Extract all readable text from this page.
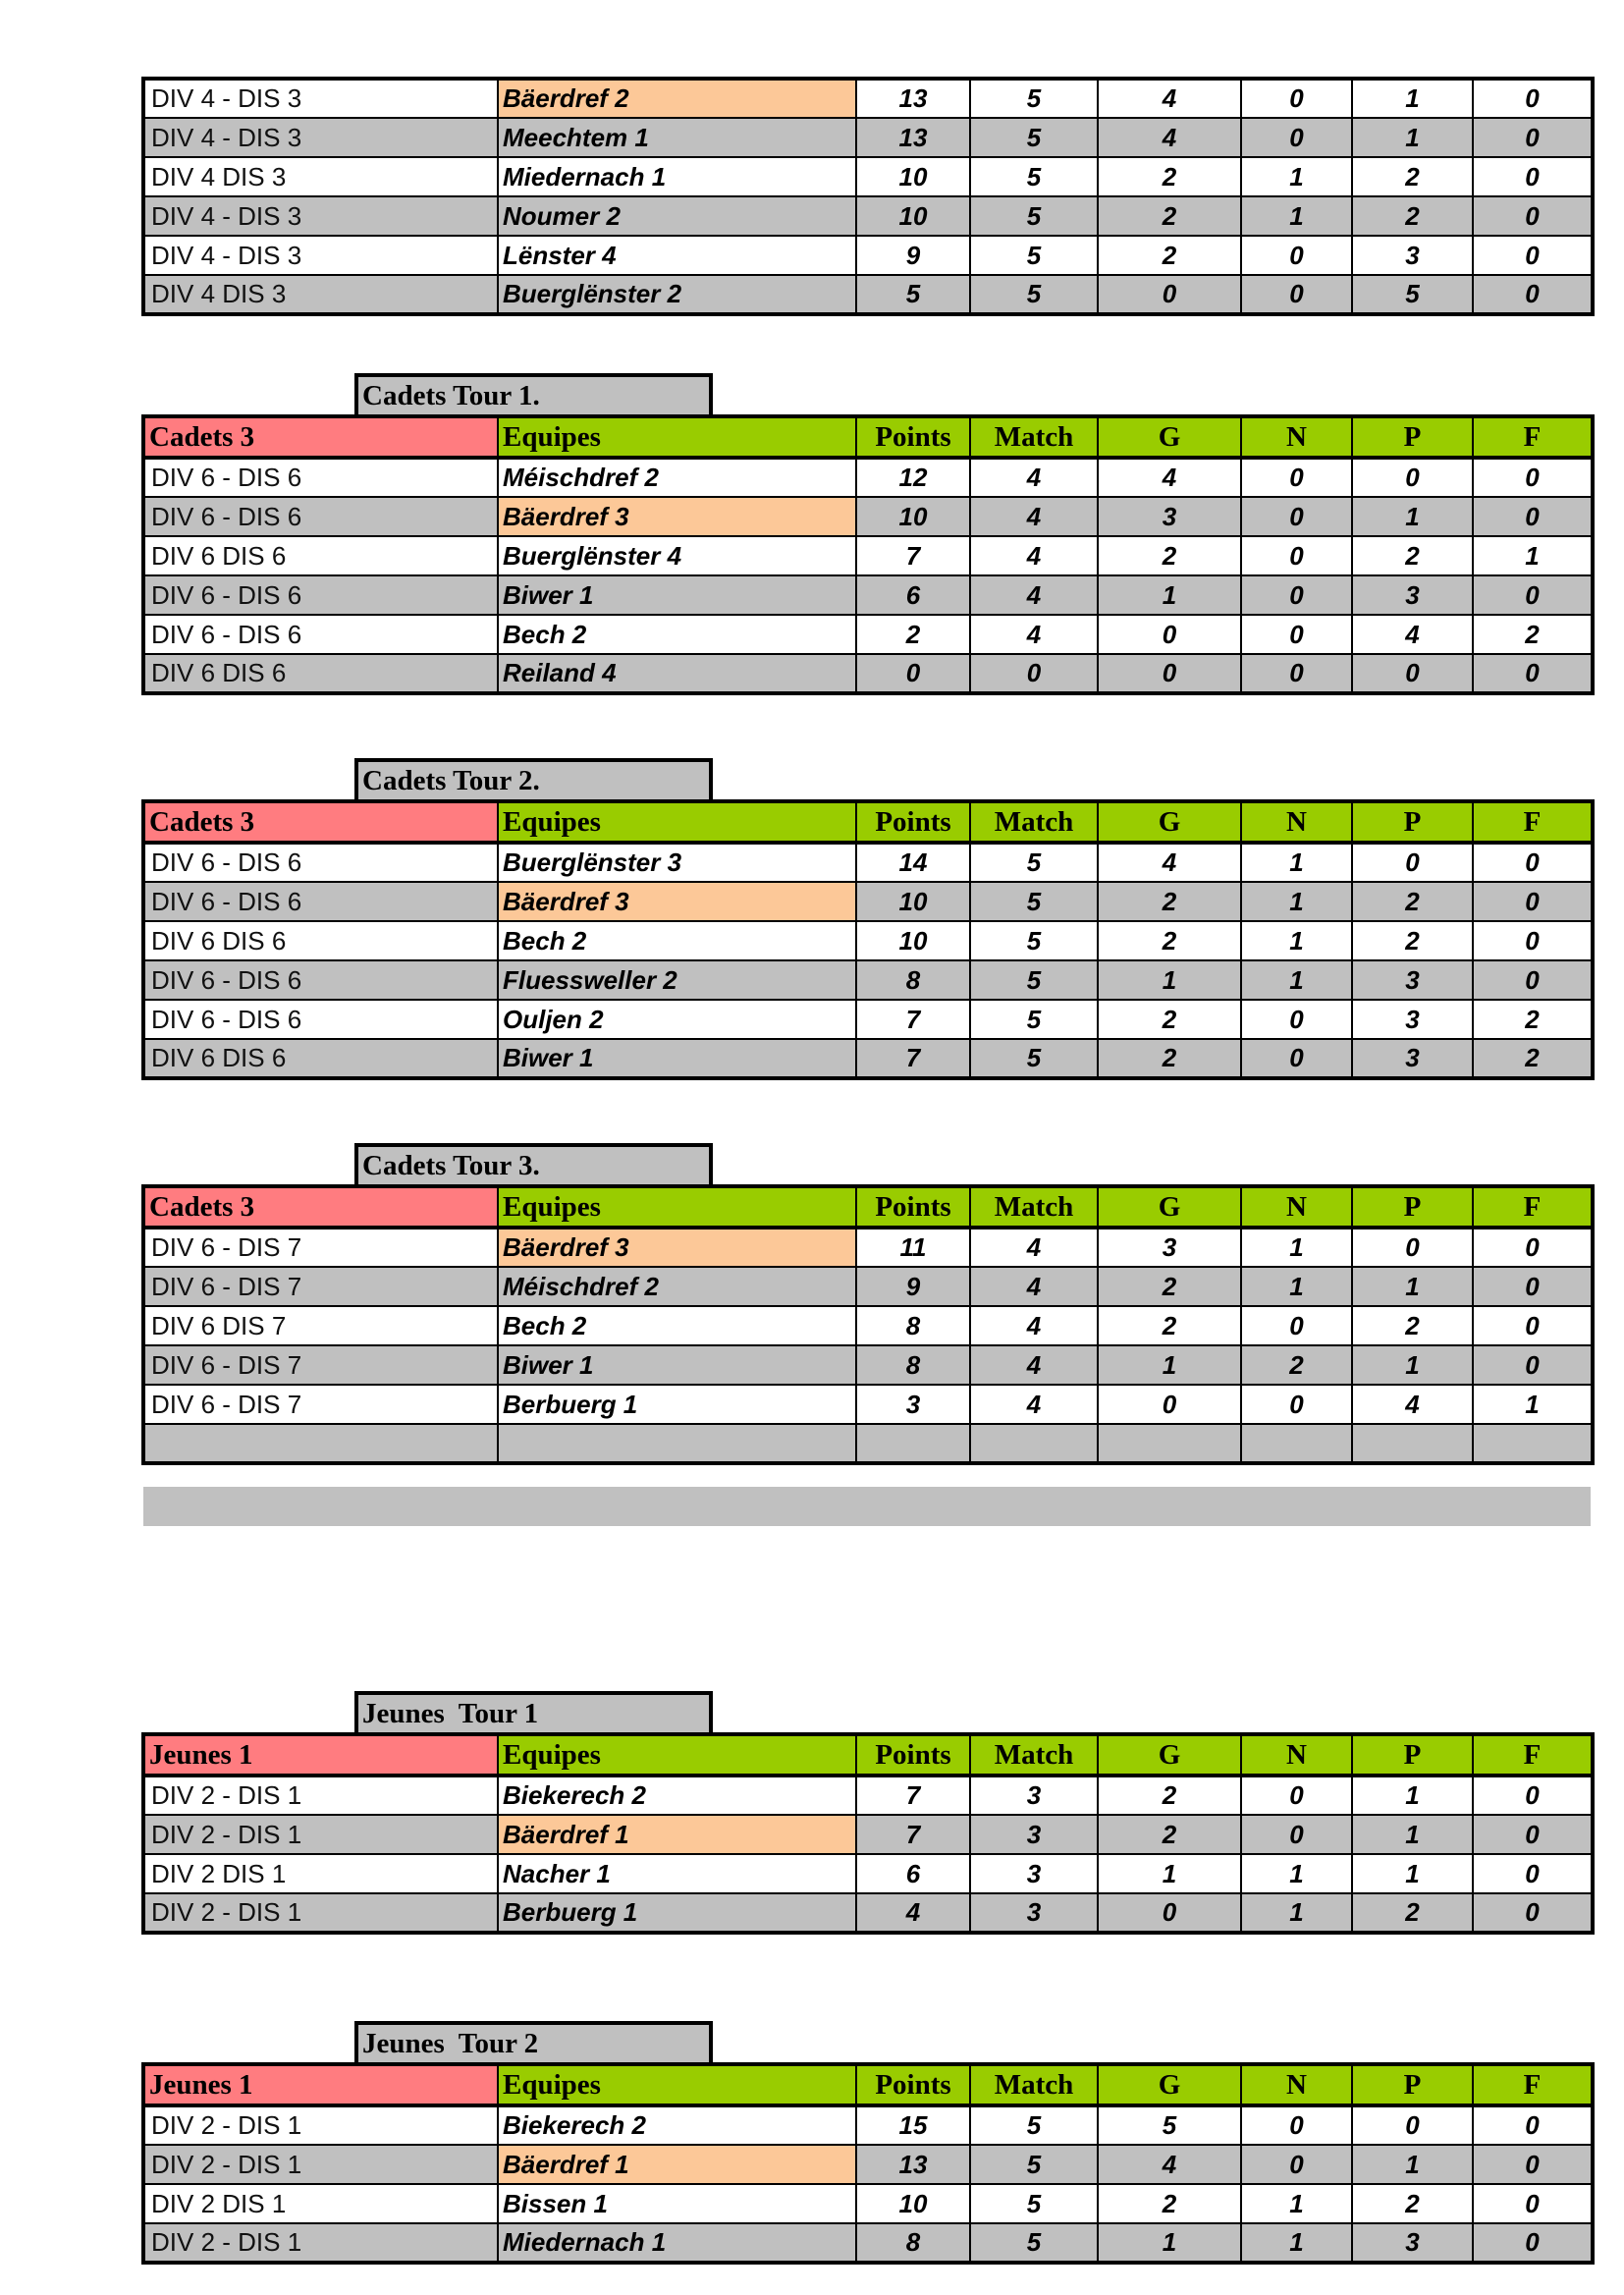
DIV 4 - DIS 3	Bäerdref 2	13	5	4	0	1	0
DIV 4 - DIS 3	Meechtem 1	13	5	4	0	1	0
DIV 4 DIS 3	Miedernach 1	10	5	2	1	2	0
DIV 4 - DIS 3	Noumer 2	10	5	2	1	2	0
DIV 4 - DIS 3	Lënster 4	9	5	2	0	3	0
DIV 4 DIS 3	Buerglënster 2	5	5	0	0	5	0
Cadets Tour 1.
Cadets 3	Equipes	Points	Match	G	N	P	F
DIV 6 - DIS 6	Méischdref 2	12	4	4	0	0	0
DIV 6 - DIS 6	Bäerdref 3	10	4	3	0	1	0
DIV 6 DIS 6	Buerglënster 4	7	4	2	0	2	1
DIV 6 - DIS 6	Biwer 1	6	4	1	0	3	0
DIV 6 - DIS 6	Bech 2	2	4	0	0	4	2
DIV 6 DIS 6	Reiland 4	0	0	0	0	0	0
Cadets Tour 2.
Cadets 3	Equipes	Points	Match	G	N	P	F
DIV 6 - DIS 6	Buerglënster 3	14	5	4	1	0	0
DIV 6 - DIS 6	Bäerdref 3	10	5	2	1	2	0
DIV 6 DIS 6	Bech 2	10	5	2	1	2	0
DIV 6 - DIS 6	Fluessweller 2	8	5	1	1	3	0
DIV 6 - DIS 6	Ouljen 2	7	5	2	0	3	2
DIV 6 DIS 6	Biwer 1	7	5	2	0	3	2
Cadets Tour 3.
Cadets 3	Equipes	Points	Match	G	N	P	F
DIV 6 - DIS 7	Bäerdref 3	11	4	3	1	0	0
DIV 6 - DIS 7	Méischdref 2	9	4	2	1	1	0
DIV 6 DIS 7	Bech 2	8	4	2	0	2	0
DIV 6 - DIS 7	Biwer 1	8	4	1	2	1	0
DIV 6 - DIS 7	Berbuerg 1	3	4	0	0	4	1

Jeunes  Tour 1
Jeunes 1	Equipes	Points	Match	G	N	P	F
DIV 2 - DIS 1	Biekerech 2	7	3	2	0	1	0
DIV 2 - DIS 1	Bäerdref 1	7	3	2	0	1	0
DIV 2 DIS 1	Nacher 1	6	3	1	1	1	0
DIV 2 - DIS 1	Berbuerg 1	4	3	0	1	2	0
Jeunes  Tour 2
Jeunes 1	Equipes	Points	Match	G	N	P	F
DIV 2 - DIS 1	Biekerech 2	15	5	5	0	0	0
DIV 2 - DIS 1	Bäerdref 1	13	5	4	0	1	0
DIV 2 DIS 1	Bissen 1	10	5	2	1	2	0
DIV 2 - DIS 1	Miedernach 1	8	5	1	1	3	0
